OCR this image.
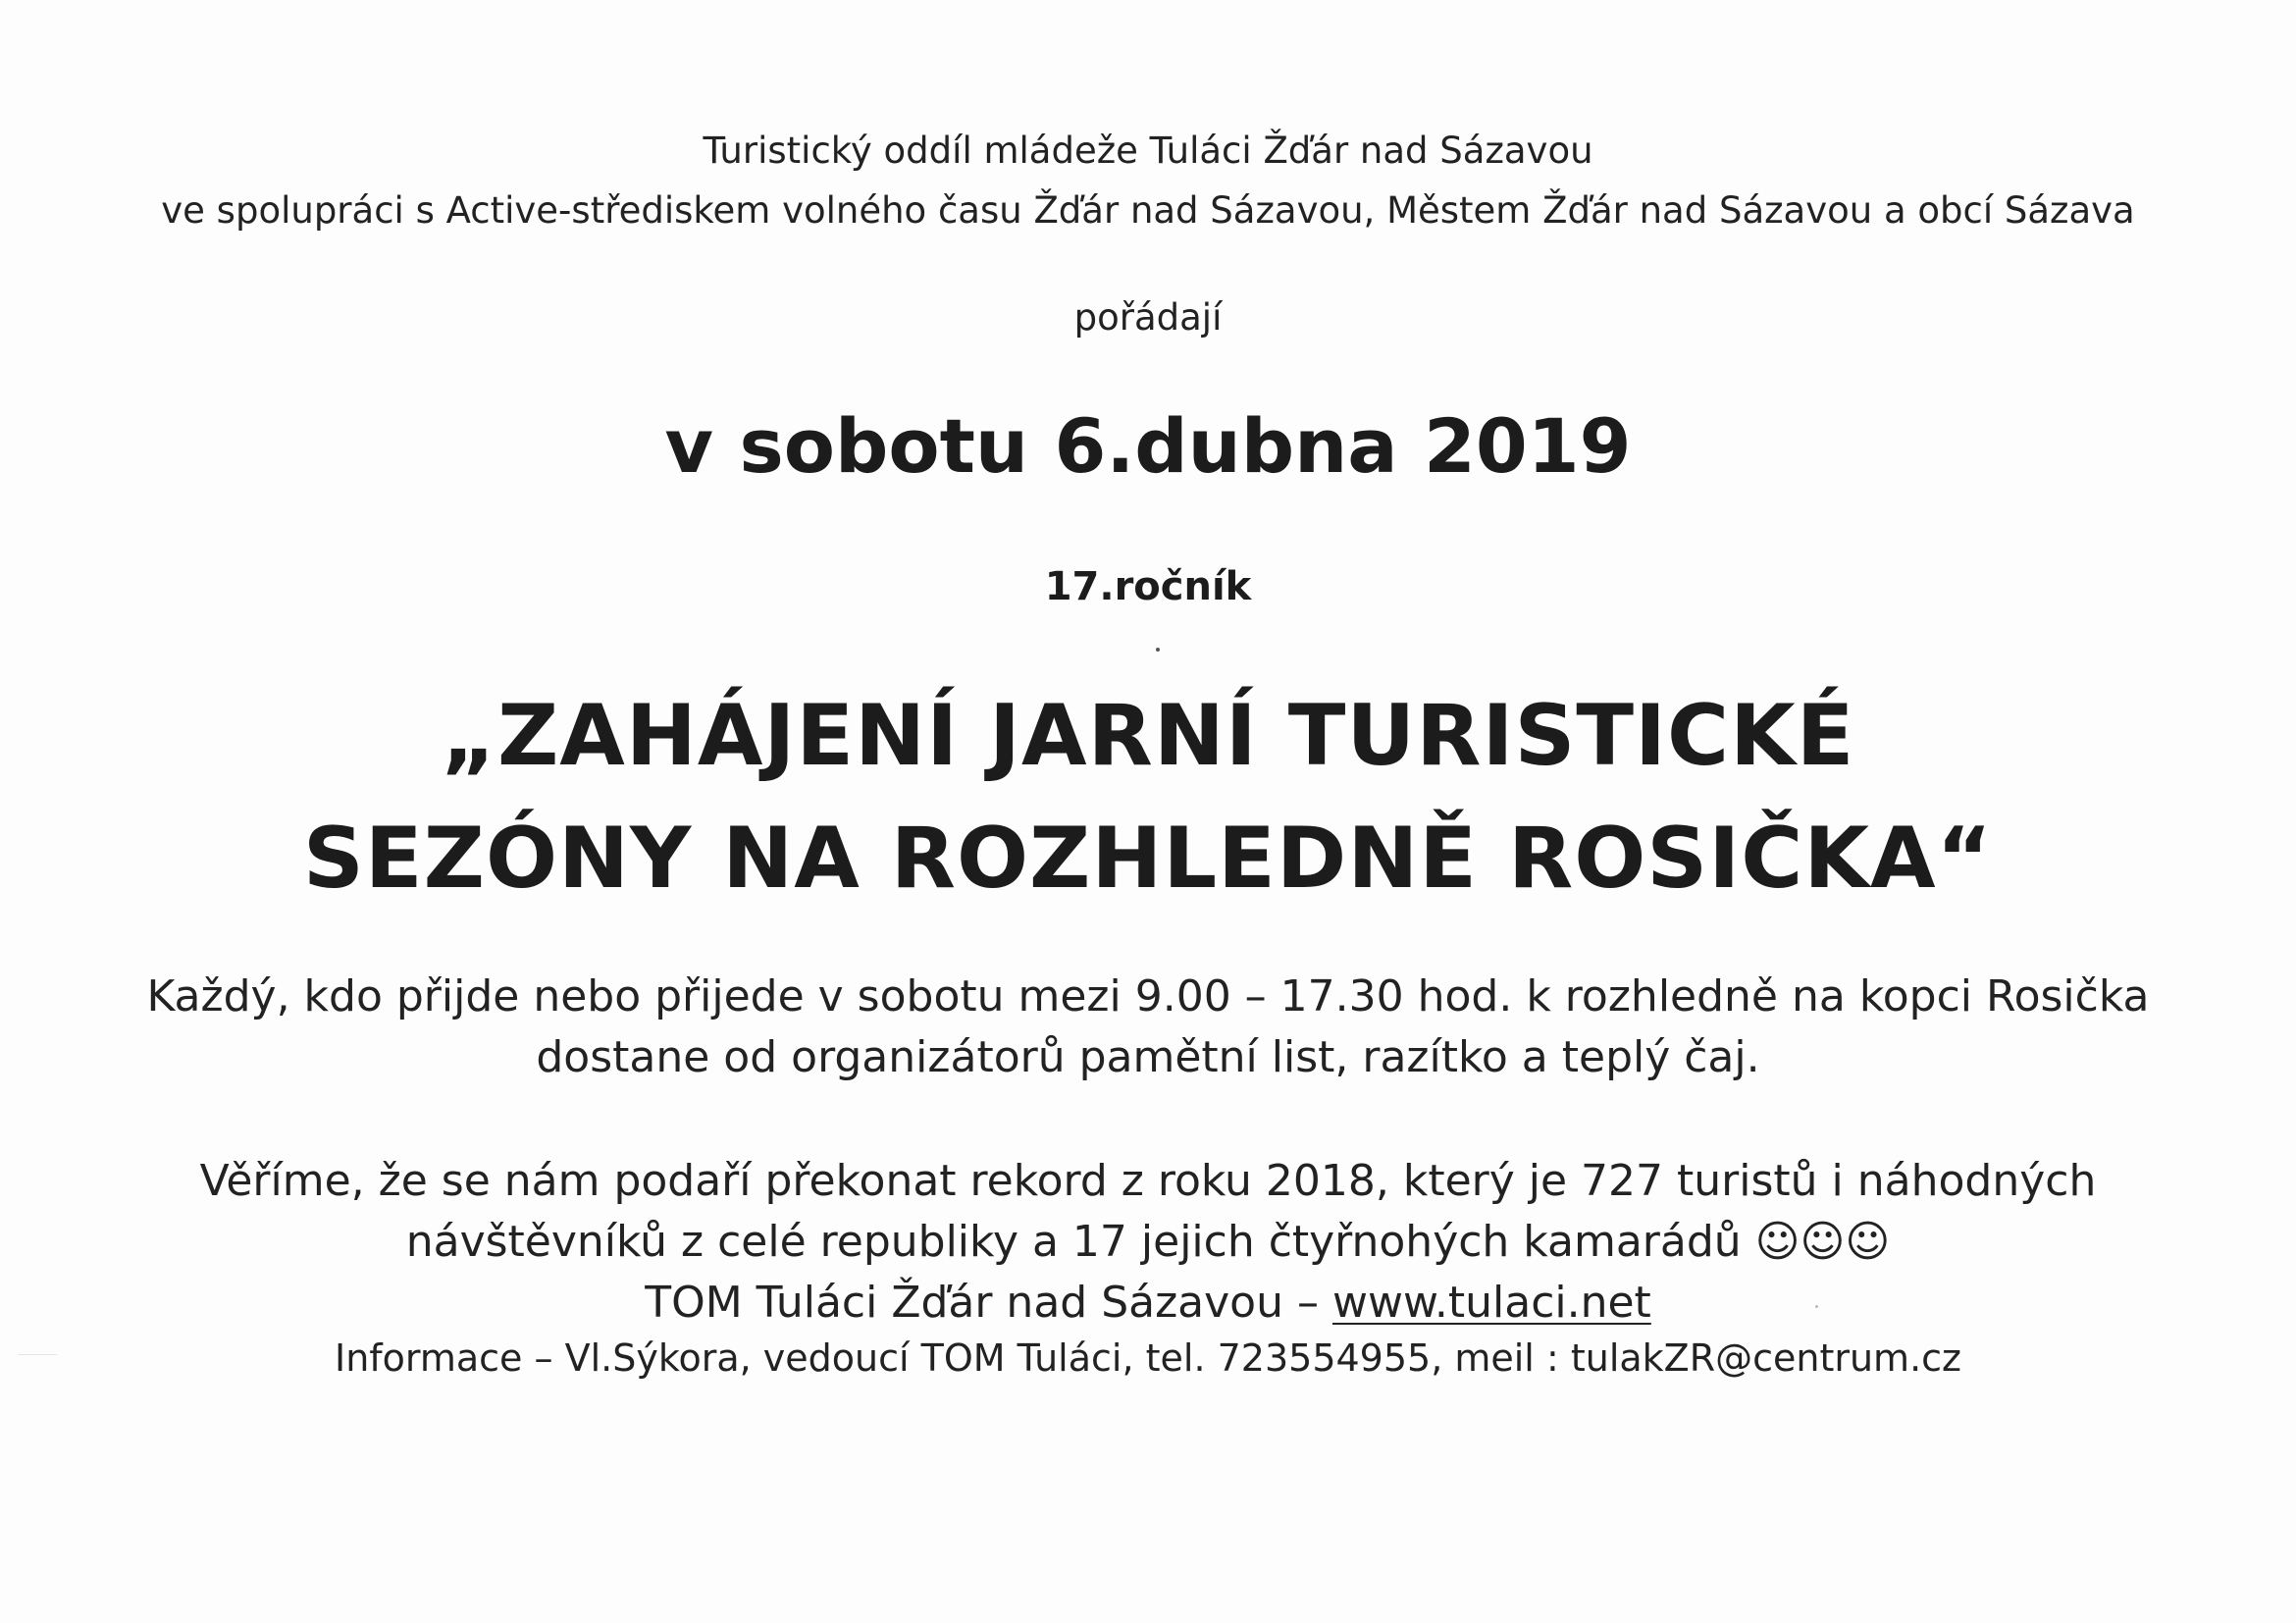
Turistický oddíl mládeže Tuláci Žďár nad Sázavou
ve spolupráci s Active-střediskem volného času Žďár nad Sázavou, Městem Žďár nad Sázavou a obcí Sázava
pořádají
v sobotu 6.dubna 2019
17.ročník
„ZAHÁJENÍ JARNÍ TURISTICKÉ
SEZÓNY NA ROZHLEDNĚ ROSIČKA“
Každý, kdo přijde nebo přijede v sobotu mezi 9.00 – 17.30 hod. k rozhledně na kopci Rosička
dostane od organizátorů pamětní list, razítko a teplý čaj.
Věříme, že se nám podaří překonat rekord z roku 2018, který je 727 turistů i náhodných
návštěvníků z celé republiky a 17 jejich čtyřnohých kamarádů ☺☺☺
TOM Tuláci Žďár nad Sázavou – www.tulaci.net
Informace – Vl.Sýkora, vedoucí TOM Tuláci, tel. 723554955, meil : tulakZR@centrum.cz
